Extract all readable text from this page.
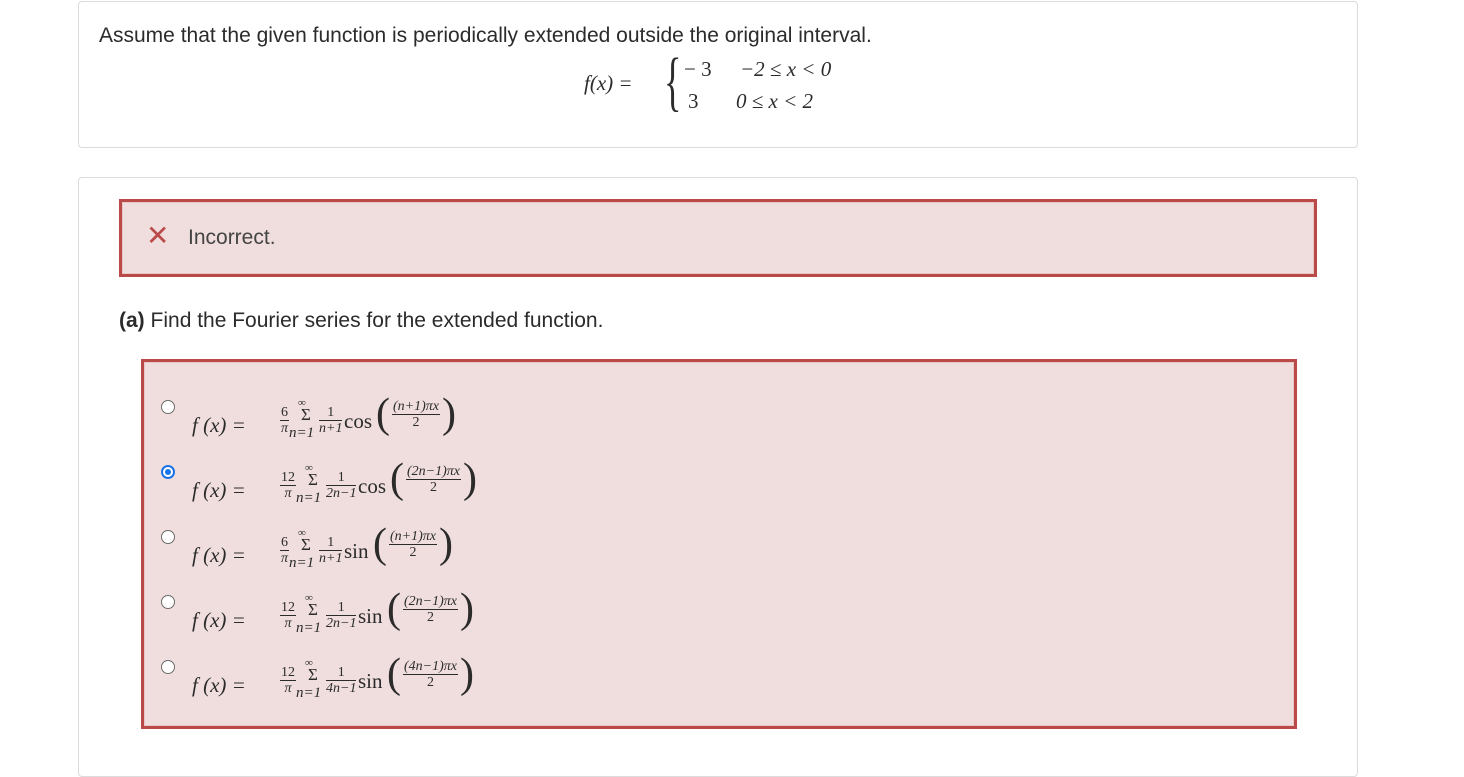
Assume that the given function is periodically extended outside the original interval.
f(x) = { − 3 −2 ≤ x < 0
3 0 ≤ x < 2
✕ Incorrect.
(a) Find the Fourier series for the extended function.
f $(x) = \frac{6}{\pi}$
∞
Σ
$n=1 \frac{1}{n+1}$ cos ( $\frac{(n+1)\pi x}{2}$ )
f $(x) = \frac{12}{\pi}$
∞
Σ
$n=1 \frac{1}{2n-1}$ cos ( $\frac{(2n-1)\pi x}{2}$ )
f $(x) = \frac{6}{\pi}$
∞
Σ
$n=1 \frac{1}{n+1}$ sin ( $\frac{(n+1)\pi x}{2}$ )
f $(x) = \frac{12}{\pi}$
∞
Σ
$n=1 \frac{1}{2n-1}$ sin ( $\frac{(2n-1)\pi x}{2}$ )
f $(x) = \frac{12}{\pi}$
∞
Σ
$n=1 \frac{1}{4n-1}$ sin ( $\frac{(4n-1)\pi x}{2}$ )
